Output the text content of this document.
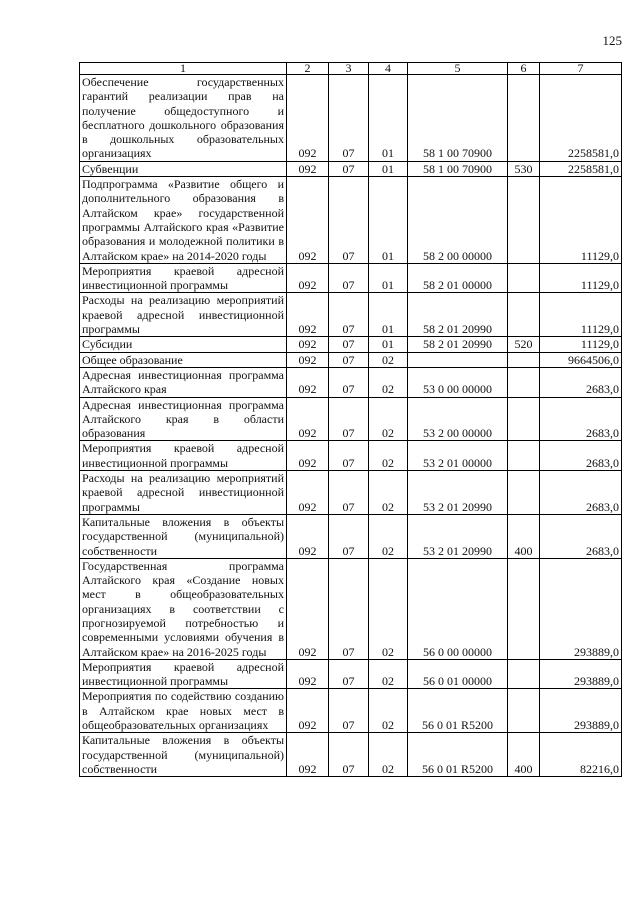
125
1	2	3	4	5	6	7
Обеспечение государственных гарантий реализации прав на получение общедоступного и бесплатного дошкольного образования в дошкольных образовательных организациях	092	07	01	58 1 00 70900		2258581,0
Субвенции	092	07	01	58 1 00 70900	530	2258581,0
Подпрограмма «Развитие общего и дополнительного образования в Алтайском крае» государственной программы Алтайского края «Развитие образования и молодежной политики в Алтайском крае» на 2014-2020 годы	092	07	01	58 2 00 00000		11129,0
Мероприятия краевой адресной инвестиционной программы	092	07	01	58 2 01 00000		11129,0
Расходы на реализацию мероприятий краевой адресной инвестиционной программы	092	07	01	58 2 01 20990		11129,0
Субсидии	092	07	01	58 2 01 20990	520	11129,0
Общее образование	092	07	02			9664506,0
Адресная инвестиционная программа Алтайского края	092	07	02	53 0 00 00000		2683,0
Адресная инвестиционная программа Алтайского края в области образования	092	07	02	53 2 00 00000		2683,0
Мероприятия краевой адресной инвестиционной программы	092	07	02	53 2 01 00000		2683,0
Расходы на реализацию мероприятий краевой адресной инвестиционной программы	092	07	02	53 2 01 20990		2683,0
Капитальные вложения в объекты государственной (муниципальной) собственности	092	07	02	53 2 01 20990	400	2683,0
Государственная программа Алтайского края «Создание новых мест в общеобразовательных организациях в соответствии с прогнозируемой потребностью и современными условиями обучения в Алтайском крае» на 2016-2025 годы	092	07	02	56 0 00 00000		293889,0
Мероприятия краевой адресной инвестиционной программы	092	07	02	56 0 01 00000		293889,0
Мероприятия по содействию созданию в Алтайском крае новых мест в общеобразовательных организациях	092	07	02	56 0 01 R5200		293889,0
Капитальные вложения в объекты государственной (муниципальной) собственности	092	07	02	56 0 01 R5200	400	82216,0
